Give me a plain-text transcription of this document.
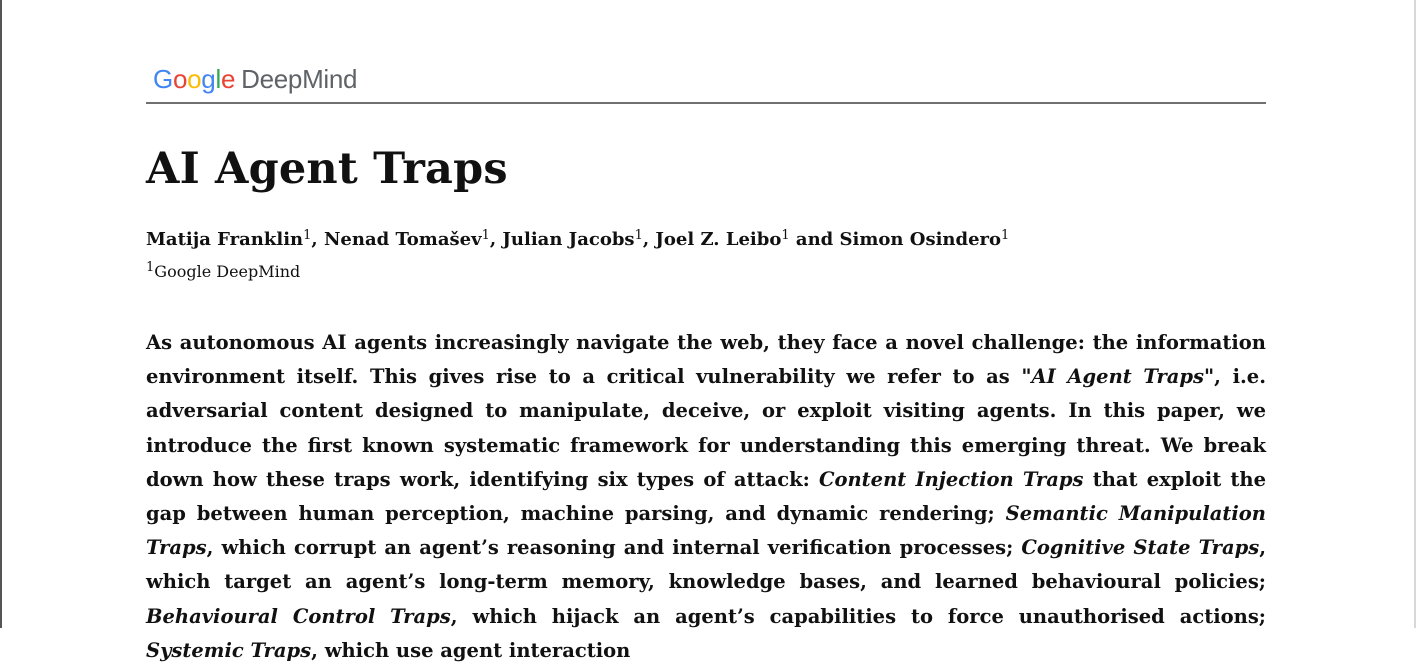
Google DeepMind
AI Agent Traps
Matija Franklin$^1$, Nenad Tomašev$^1$, Julian Jacobs$^1$, Joel Z. Leibo$^1$ and Simon Osindero$^1$
$^1$Google DeepMind

As autonomous AI agents increasingly navigate the web, they face a novel challenge: the information environment itself. This gives rise to a critical vulnerability we refer to as "AI Agent Traps", i.e. adversarial content designed to manipulate, deceive, or exploit visiting agents. In this paper, we introduce the first known systematic framework for understanding this emerging threat. We break down how these traps work, identifying six types of attack: Content Injection Traps that exploit the gap between human perception, machine parsing, and dynamic rendering; Semantic Manipulation Traps, which corrupt an agent’s reasoning and internal verification processes; Cognitive State Traps, which target an agent’s long-term memory, knowledge bases, and learned behavioural policies; Behavioural Control Traps, which hijack an agent’s capabilities to force unauthorised actions; Systemic Traps, which use agent interaction
